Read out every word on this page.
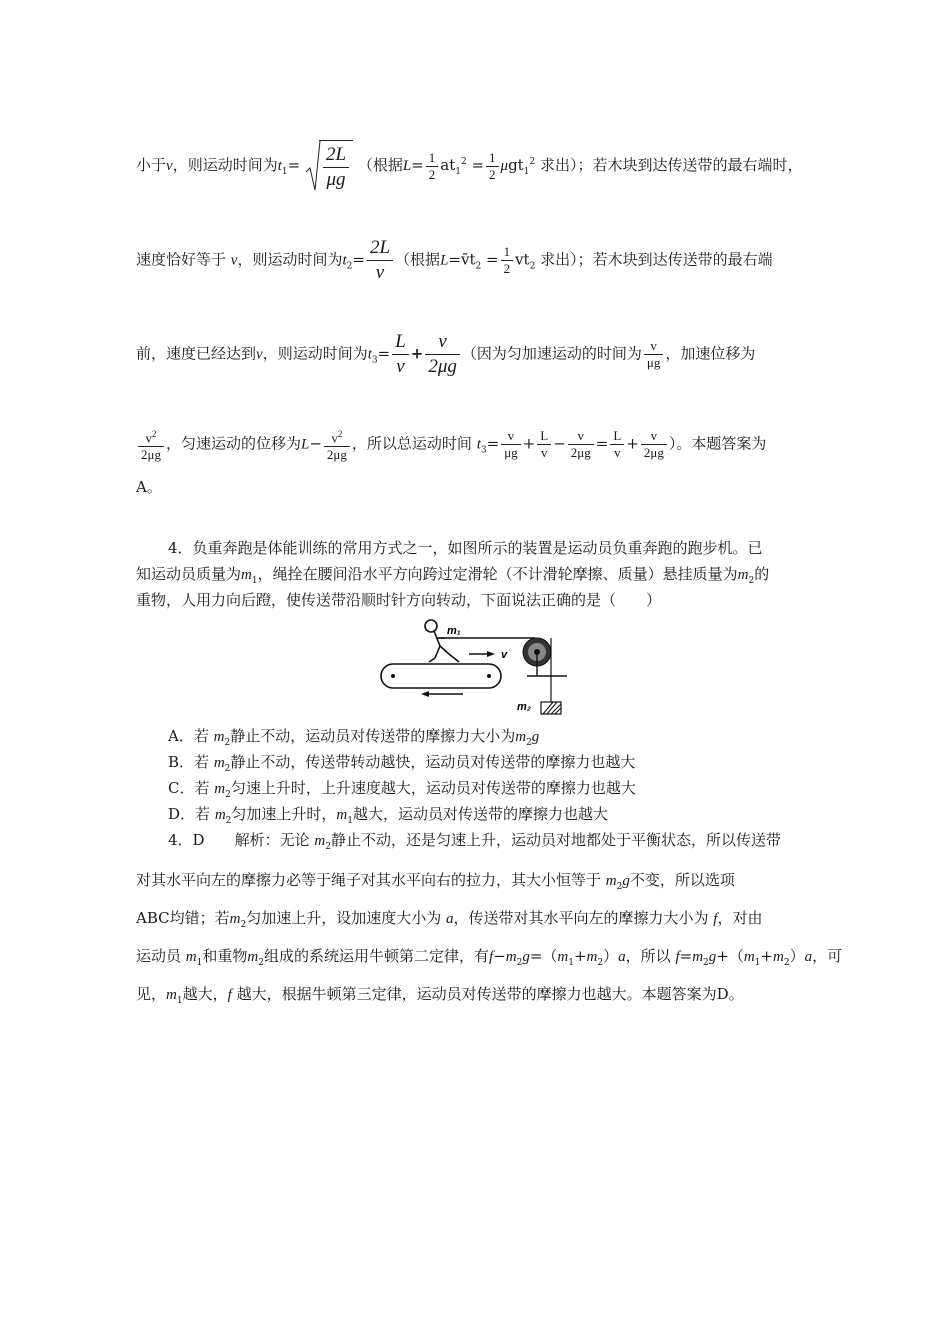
小于v，则运动时间为$t_1= \frac{2L}{\mu g}$ （根据$L= \frac{1}{2} at_1^2 = \frac{1}{2} \mu gt_1^2$ 求出）；若木块到达传送带的最右端时，
速度恰好等于 v，则运动时间为$t_2= \frac{2L}{v}$ （根据$L=v̄t_2 = \frac{1}{2} vt_2$ 求出）；若木块到达传送带的最右端
前，速度已经达到v，则运动时间为$t_3= \frac{L}{v} + \frac{v}{2\mu g}$ （因为匀加速运动的时间为 $\frac{v}{\mu g}$ ，加速位移为
$\frac{v^2}{2\mu g}$ ，匀速运动的位移为$L- \frac{v^2}{2\mu g}$ ，所以总运动时间 $t_3= \frac{v}{\mu g} + \frac{L}{v} - \frac{v}{2\mu g} = \frac{L}{v} + \frac{v}{2\mu g}$ ）。本题答案为
A。
4．负重奔跑是体能训练的常用方式之一，如图所示的装置是运动员负重奔跑的跑步机。已
知运动员质量为$m_1$，绳拴在腰间沿水平方向跨过定滑轮（不计滑轮摩擦、质量）悬挂质量为$m_2$的
重物，人用力向后蹬，使传送带沿顺时针方向转动，下面说法正确的是（　　）
m₁
v
m₂
A．若 $m_2$静止不动，运动员对传送带的摩擦力大小为$m_2g$
B．若 $m_2$静止不动，传送带转动越快，运动员对传送带的摩擦力也越大
C．若 $m_2$匀速上升时，上升速度越大，运动员对传送带的摩擦力也越大
D．若 $m_2$匀加速上升时，$m_1$越大，运动员对传送带的摩擦力也越大
4．D　　解析：无论 $m_2$静止不动，还是匀速上升，运动员对地都处于平衡状态，所以传送带
对其水平向左的摩擦力必等于绳子对其水平向右的拉力，其大小恒等于 $m_2g$不变，所以选项
ABC均错；若$m_2$匀加速上升，设加速度大小为 a，传送带对其水平向左的摩擦力大小为 f，对由
运动员 $m_1$和重物$m_2$组成的系统运用牛顿第二定律，有$f-m_2g=(m_1+m_2)a$，所以 $f=m_2g+(m_1+m_2)a$，可
见，$m_1$越大，f 越大，根据牛顿第三定律，运动员对传送带的摩擦力也越大。本题答案为D。
